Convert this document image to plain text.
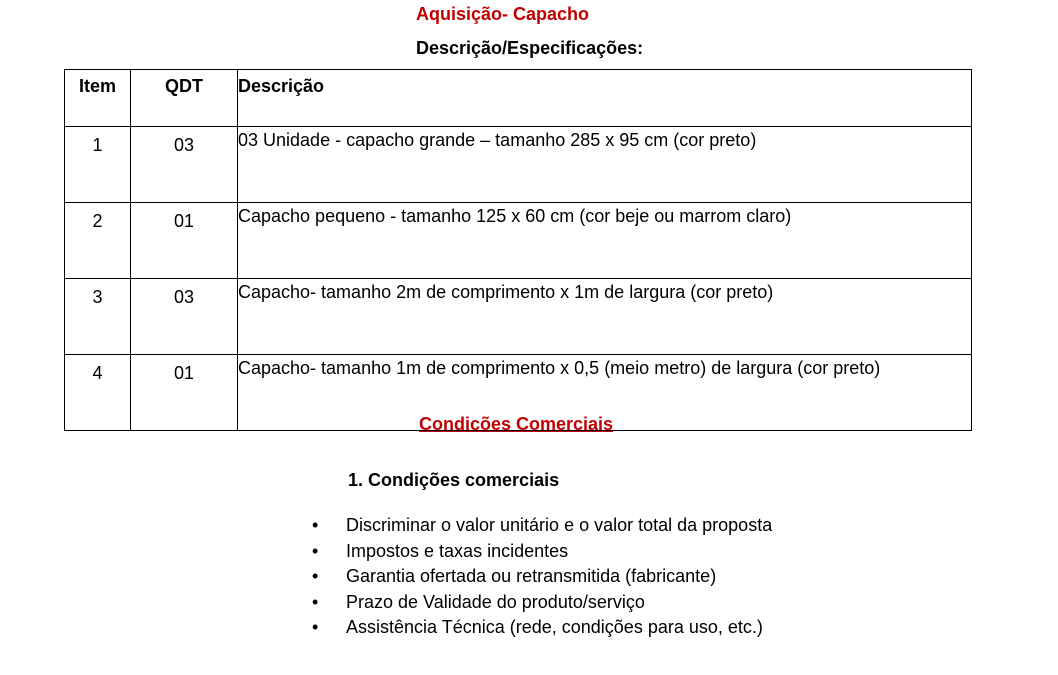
Aquisição- Capacho
Descrição/Especificações:
Item	QDT	Descrição
1	03	03 Unidade - capacho grande – tamanho 285 x 95 cm (cor preto)
2	01	Capacho pequeno - tamanho 125 x 60 cm (cor beje ou marrom claro)
3	03	Capacho- tamanho 2m de comprimento x 1m de largura (cor preto)
4	01	Capacho- tamanho 1m de comprimento x 0,5 (meio metro) de largura (cor preto)
Condicões Comerciais
1. Condições comerciais
• Discriminar o valor unitário e o valor total da proposta
• Impostos e taxas incidentes
• Garantia ofertada ou retransmitida (fabricante)
• Prazo de Validade do produto/serviço
• Assistência Técnica (rede, condições para uso, etc.)
